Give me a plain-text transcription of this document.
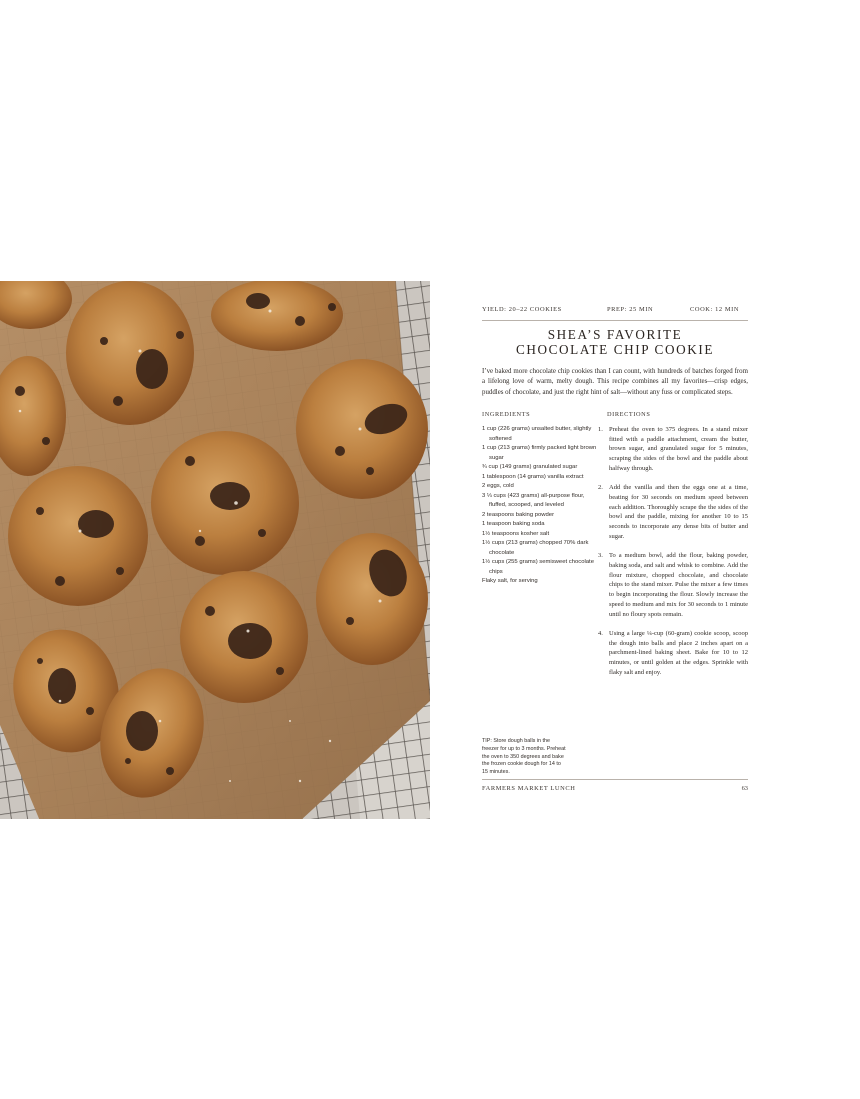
YIELD: 20–22 COOKIES	PREP: 25 MIN	COOK: 12 MIN
SHEA’S FAVORITE
CHOCOLATE CHIP COOKIE

I’ve baked more chocolate chip cookies than I can count, with hundreds of batches forged from a lifelong love of warm, melty dough. This recipe combines all my favorites—crisp edges, puddles of chocolate, and just the right hint of salt—without any fuss or complicated steps.

INGREDIENTS	DIRECTIONS
1 cup (226 grams) unsalted butter, slightly softened
1 cup (213 grams) firmly packed light brown sugar
¾ cup (149 grams) granulated sugar
1 tablespoon (14 grams) vanilla extract
2 eggs, cold
3 ⅓ cups (423 grams) all-purpose flour, fluffed, scooped, and leveled
2 teaspoons baking powder
1 teaspoon baking soda
1½ teaspoons kosher salt
1½ cups (213 grams) chopped 70% dark chocolate
1½ cups (255 grams) semisweet chocolate chips
Flaky salt, for serving
1. Preheat the oven to 375 degrees. In a stand mixer fitted with a paddle attachment, cream the butter, brown sugar, and granulated sugar for 5 minutes, scraping the sides of the bowl and the paddle about halfway through.
2. Add the vanilla and then the eggs one at a time, beating for 30 seconds on medium speed between each addition. Thoroughly scrape the the sides of the bowl and the paddle, mixing for another 10 to 15 seconds to incorporate any dense bits of butter and sugar.
3. To a medium bowl, add the flour, baking powder, baking soda, and salt and whisk to combine. Add the flour mixture, chopped chocolate, and chocolate chips to the stand mixer. Pulse the mixer a few times to begin incorporating the flour. Slowly increase the speed to medium and mix for 30 seconds to 1 minute until no floury spots remain.
4. Using a large ¼-cup (60-gram) cookie scoop, scoop the dough into balls and place 2 inches apart on a parchment-lined baking sheet. Bake for 10 to 12 minutes, or until golden at the edges. Sprinkle with flaky salt and enjoy.
TIP: Store dough balls in the freezer for up to 3 months. Preheat the oven to 350 degrees and bake the frozen cookie dough for 14 to 15 minutes.
FARMERS MARKET LUNCH	63
